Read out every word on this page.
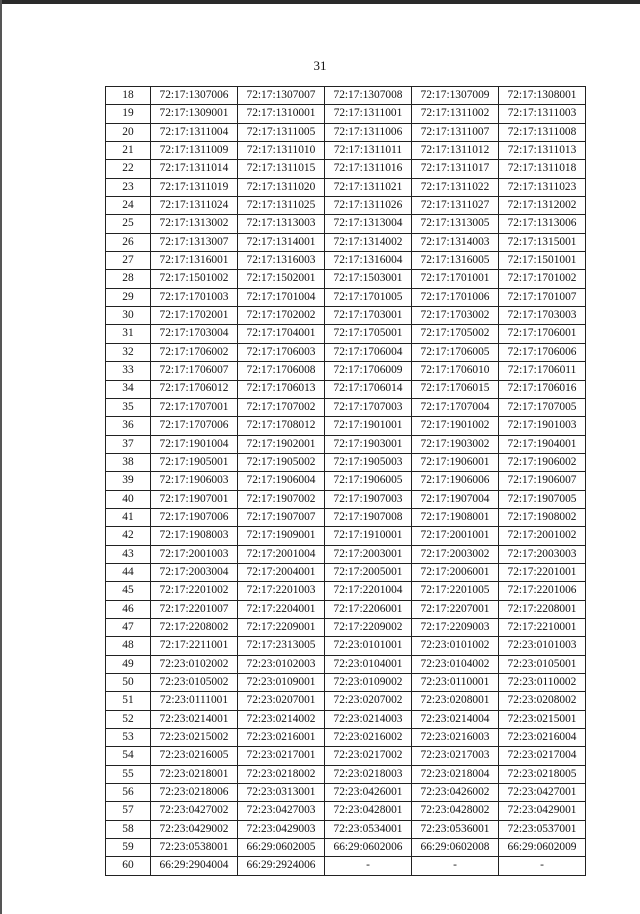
31
18	72:17:1307006	72:17:1307007	72:17:1307008	72:17:1307009	72:17:1308001
19	72:17:1309001	72:17:1310001	72:17:1311001	72:17:1311002	72:17:1311003
20	72:17:1311004	72:17:1311005	72:17:1311006	72:17:1311007	72:17:1311008
21	72:17:1311009	72:17:1311010	72:17:1311011	72:17:1311012	72:17:1311013
22	72:17:1311014	72:17:1311015	72:17:1311016	72:17:1311017	72:17:1311018
23	72:17:1311019	72:17:1311020	72:17:1311021	72:17:1311022	72:17:1311023
24	72:17:1311024	72:17:1311025	72:17:1311026	72:17:1311027	72:17:1312002
25	72:17:1313002	72:17:1313003	72:17:1313004	72:17:1313005	72:17:1313006
26	72:17:1313007	72:17:1314001	72:17:1314002	72:17:1314003	72:17:1315001
27	72:17:1316001	72:17:1316003	72:17:1316004	72:17:1316005	72:17:1501001
28	72:17:1501002	72:17:1502001	72:17:1503001	72:17:1701001	72:17:1701002
29	72:17:1701003	72:17:1701004	72:17:1701005	72:17:1701006	72:17:1701007
30	72:17:1702001	72:17:1702002	72:17:1703001	72:17:1703002	72:17:1703003
31	72:17:1703004	72:17:1704001	72:17:1705001	72:17:1705002	72:17:1706001
32	72:17:1706002	72:17:1706003	72:17:1706004	72:17:1706005	72:17:1706006
33	72:17:1706007	72:17:1706008	72:17:1706009	72:17:1706010	72:17:1706011
34	72:17:1706012	72:17:1706013	72:17:1706014	72:17:1706015	72:17:1706016
35	72:17:1707001	72:17:1707002	72:17:1707003	72:17:1707004	72:17:1707005
36	72:17:1707006	72:17:1708012	72:17:1901001	72:17:1901002	72:17:1901003
37	72:17:1901004	72:17:1902001	72:17:1903001	72:17:1903002	72:17:1904001
38	72:17:1905001	72:17:1905002	72:17:1905003	72:17:1906001	72:17:1906002
39	72:17:1906003	72:17:1906004	72:17:1906005	72:17:1906006	72:17:1906007
40	72:17:1907001	72:17:1907002	72:17:1907003	72:17:1907004	72:17:1907005
41	72:17:1907006	72:17:1907007	72:17:1907008	72:17:1908001	72:17:1908002
42	72:17:1908003	72:17:1909001	72:17:1910001	72:17:2001001	72:17:2001002
43	72:17:2001003	72:17:2001004	72:17:2003001	72:17:2003002	72:17:2003003
44	72:17:2003004	72:17:2004001	72:17:2005001	72:17:2006001	72:17:2201001
45	72:17:2201002	72:17:2201003	72:17:2201004	72:17:2201005	72:17:2201006
46	72:17:2201007	72:17:2204001	72:17:2206001	72:17:2207001	72:17:2208001
47	72:17:2208002	72:17:2209001	72:17:2209002	72:17:2209003	72:17:2210001
48	72:17:2211001	72:17:2313005	72:23:0101001	72:23:0101002	72:23:0101003
49	72:23:0102002	72:23:0102003	72:23:0104001	72:23:0104002	72:23:0105001
50	72:23:0105002	72:23:0109001	72:23:0109002	72:23:0110001	72:23:0110002
51	72:23:0111001	72:23:0207001	72:23:0207002	72:23:0208001	72:23:0208002
52	72:23:0214001	72:23:0214002	72:23:0214003	72:23:0214004	72:23:0215001
53	72:23:0215002	72:23:0216001	72:23:0216002	72:23:0216003	72:23:0216004
54	72:23:0216005	72:23:0217001	72:23:0217002	72:23:0217003	72:23:0217004
55	72:23:0218001	72:23:0218002	72:23:0218003	72:23:0218004	72:23:0218005
56	72:23:0218006	72:23:0313001	72:23:0426001	72:23:0426002	72:23:0427001
57	72:23:0427002	72:23:0427003	72:23:0428001	72:23:0428002	72:23:0429001
58	72:23:0429002	72:23:0429003	72:23:0534001	72:23:0536001	72:23:0537001
59	72:23:0538001	66:29:0602005	66:29:0602006	66:29:0602008	66:29:0602009
60	66:29:2904004	66:29:2924006	-	-	-
